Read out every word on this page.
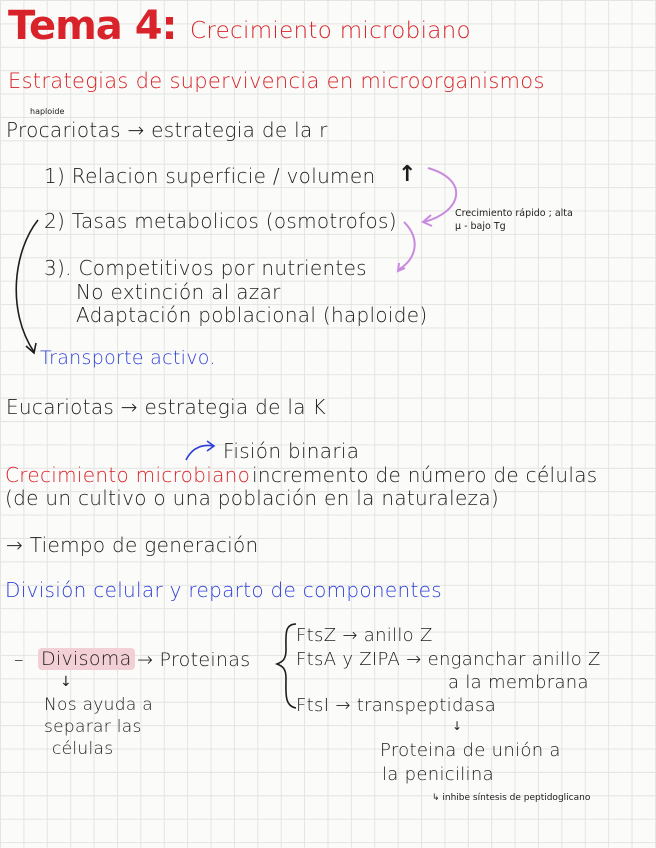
Tema 4: Crecimiento microbiano
Estrategias de supervivencia en microorganismos
haploide
Procariotas → estrategia de la r
1) Relacion superficie / volumen ↑
2) Tasas metabolicos (osmotrofos)	Crecimiento rápido ; alta
μ - bajo Tg
3). Competitivos por nutrientes
No extinción al azar
Adaptación poblacional (haploide)
Transporte activo.
Eucariotas → estrategia de la K
Fisión binaria
Crecimiento microbiano incremento de número de células
(de un cultivo o una población en la naturaleza)
→ Tiempo de generación
División celular y reparto de componentes
– Divisoma → Proteinas
↓
Nos ayuda a
separar las
células
FtsZ → anillo Z
FtsA y ZIPA → enganchar anillo Z
a la membrana
FtsI → transpeptidasa
↓
Proteina de unión a
la penicilina
↳ inhibe síntesis de peptidoglicano
